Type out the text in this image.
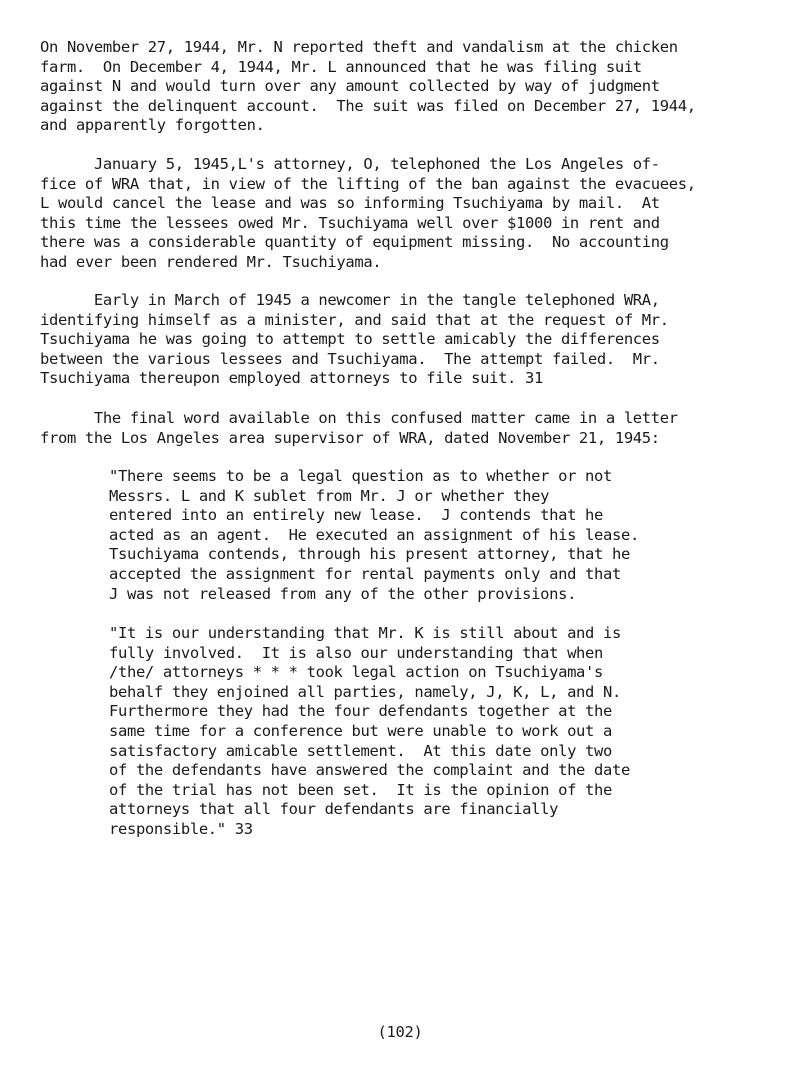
On November 27, 1944, Mr. N reported theft and vandalism at the chicken
farm.  On December 4, 1944, Mr. L announced that he was filing suit
against N and would turn over any amount collected by way of judgment
against the delinquent account.  The suit was filed on December 27, 1944,
and apparently forgotten.
January 5, 1945,L's attorney, O, telephoned the Los Angeles of-
fice of WRA that, in view of the lifting of the ban against the evacuees,
L would cancel the lease and was so informing Tsuchiyama by mail.  At
this time the lessees owed Mr. Tsuchiyama well over $1000 in rent and
there was a considerable quantity of equipment missing.  No accounting
had ever been rendered Mr. Tsuchiyama.
Early in March of 1945 a newcomer in the tangle telephoned WRA,
identifying himself as a minister, and said that at the request of Mr.
Tsuchiyama he was going to attempt to settle amicably the differences
between the various lessees and Tsuchiyama.  The attempt failed.  Mr.
Tsuchiyama thereupon employed attorneys to file suit. 31
The final word available on this confused matter came in a letter
from the Los Angeles area supervisor of WRA, dated November 21, 1945:
"There seems to be a legal question as to whether or not
Messrs. L and K sublet from Mr. J or whether they
entered into an entirely new lease.  J contends that he
acted as an agent.  He executed an assignment of his lease.
Tsuchiyama contends, through his present attorney, that he
accepted the assignment for rental payments only and that
J was not released from any of the other provisions.
"It is our understanding that Mr. K is still about and is
fully involved.  It is also our understanding that when
/the/ attorneys * * * took legal action on Tsuchiyama's
behalf they enjoined all parties, namely, J, K, L, and N.
Furthermore they had the four defendants together at the
same time for a conference but were unable to work out a
satisfactory amicable settlement.  At this date only two
of the defendants have answered the complaint and the date
of the trial has not been set.  It is the opinion of the
attorneys that all four defendants are financially
responsible." 33
(102)
